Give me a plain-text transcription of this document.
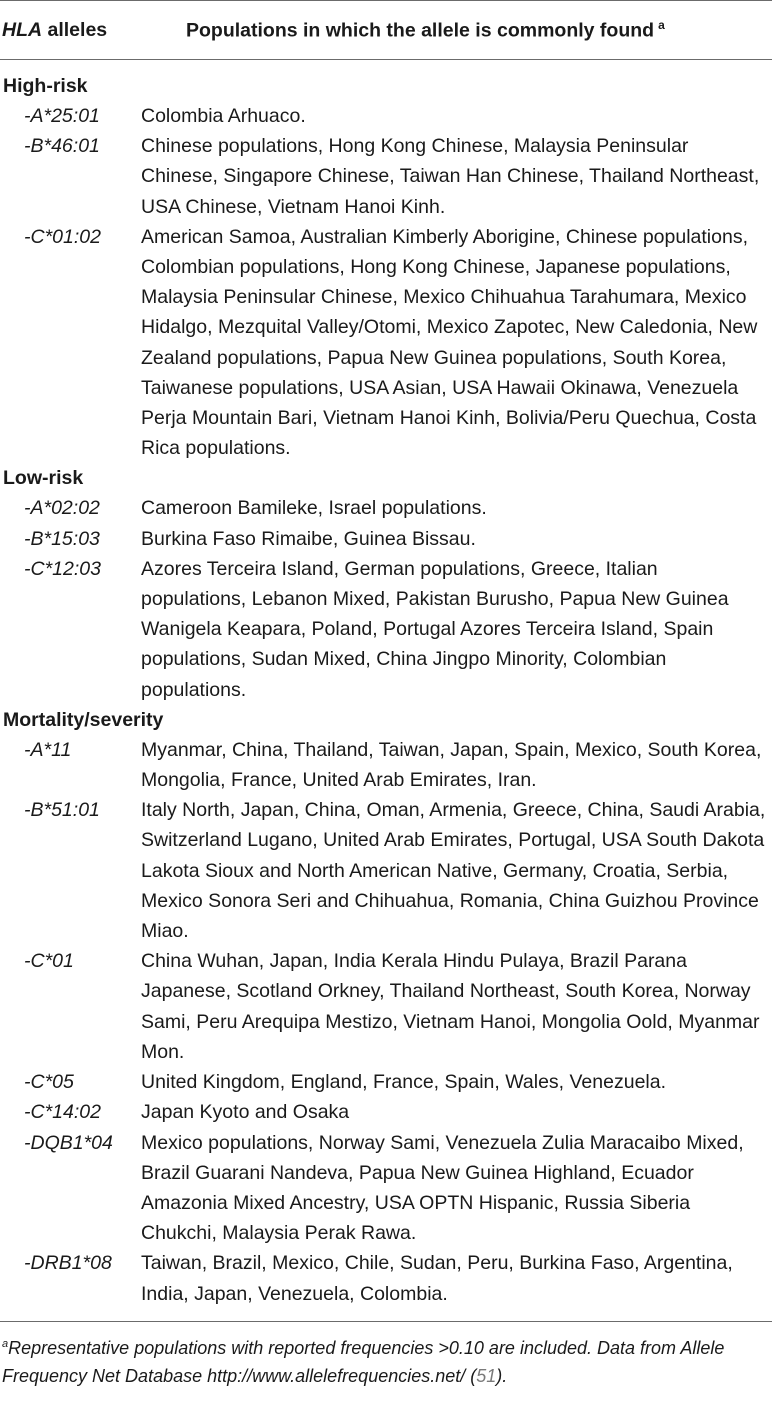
HLA alleles	Populations in which the allele is commonly found $^a$
High-risk
-A*25:01	Colombia Arhuaco.
-B*46:01	Chinese populations, Hong Kong Chinese, Malaysia Peninsular Chinese, Singapore Chinese, Taiwan Han Chinese, Thailand Northeast, USA Chinese, Vietnam Hanoi Kinh.
-C*01:02	American Samoa, Australian Kimberly Aborigine, Chinese populations, Colombian populations, Hong Kong Chinese, Japanese populations, Malaysia Peninsular Chinese, Mexico Chihuahua Tarahumara, Mexico Hidalgo, Mezquital Valley/Otomi, Mexico Zapotec, New Caledonia, New Zealand populations, Papua New Guinea populations, South Korea, Taiwanese populations, USA Asian, USA Hawaii Okinawa, Venezuela Perja Mountain Bari, Vietnam Hanoi Kinh, Bolivia/Peru Quechua, Costa Rica populations.
Low-risk
-A*02:02	Cameroon Bamileke, Israel populations.
-B*15:03	Burkina Faso Rimaibe, Guinea Bissau.
-C*12:03	Azores Terceira Island, German populations, Greece, Italian populations, Lebanon Mixed, Pakistan Burusho, Papua New Guinea Wanigela Keapara, Poland, Portugal Azores Terceira Island, Spain populations, Sudan Mixed, China Jingpo Minority, Colombian populations.
Mortality/severity
-A*11	Myanmar, China, Thailand, Taiwan, Japan, Spain, Mexico, South Korea, Mongolia, France, United Arab Emirates, Iran.
-B*51:01	Italy North, Japan, China, Oman, Armenia, Greece, China, Saudi Arabia, Switzerland Lugano, United Arab Emirates, Portugal, USA South Dakota Lakota Sioux and North American Native, Germany, Croatia, Serbia, Mexico Sonora Seri and Chihuahua, Romania, China Guizhou Province Miao.
-C*01	China Wuhan, Japan, India Kerala Hindu Pulaya, Brazil Parana Japanese, Scotland Orkney, Thailand Northeast, South Korea, Norway Sami, Peru Arequipa Mestizo, Vietnam Hanoi, Mongolia Oold, Myanmar Mon.
-C*05	United Kingdom, England, France, Spain, Wales, Venezuela.
-C*14:02	Japan Kyoto and Osaka
-DQB1*04	Mexico populations, Norway Sami, Venezuela Zulia Maracaibo Mixed, Brazil Guarani Nandeva, Papua New Guinea Highland, Ecuador Amazonia Mixed Ancestry, USA OPTN Hispanic, Russia Siberia Chukchi, Malaysia Perak Rawa.
-DRB1*08	Taiwan, Brazil, Mexico, Chile, Sudan, Peru, Burkina Faso, Argentina, India, Japan, Venezuela, Colombia.
$^a$Representative populations with reported frequencies >0.10 are included. Data from Allele Frequency Net Database http://www.allelefrequencies.net/ (51).
